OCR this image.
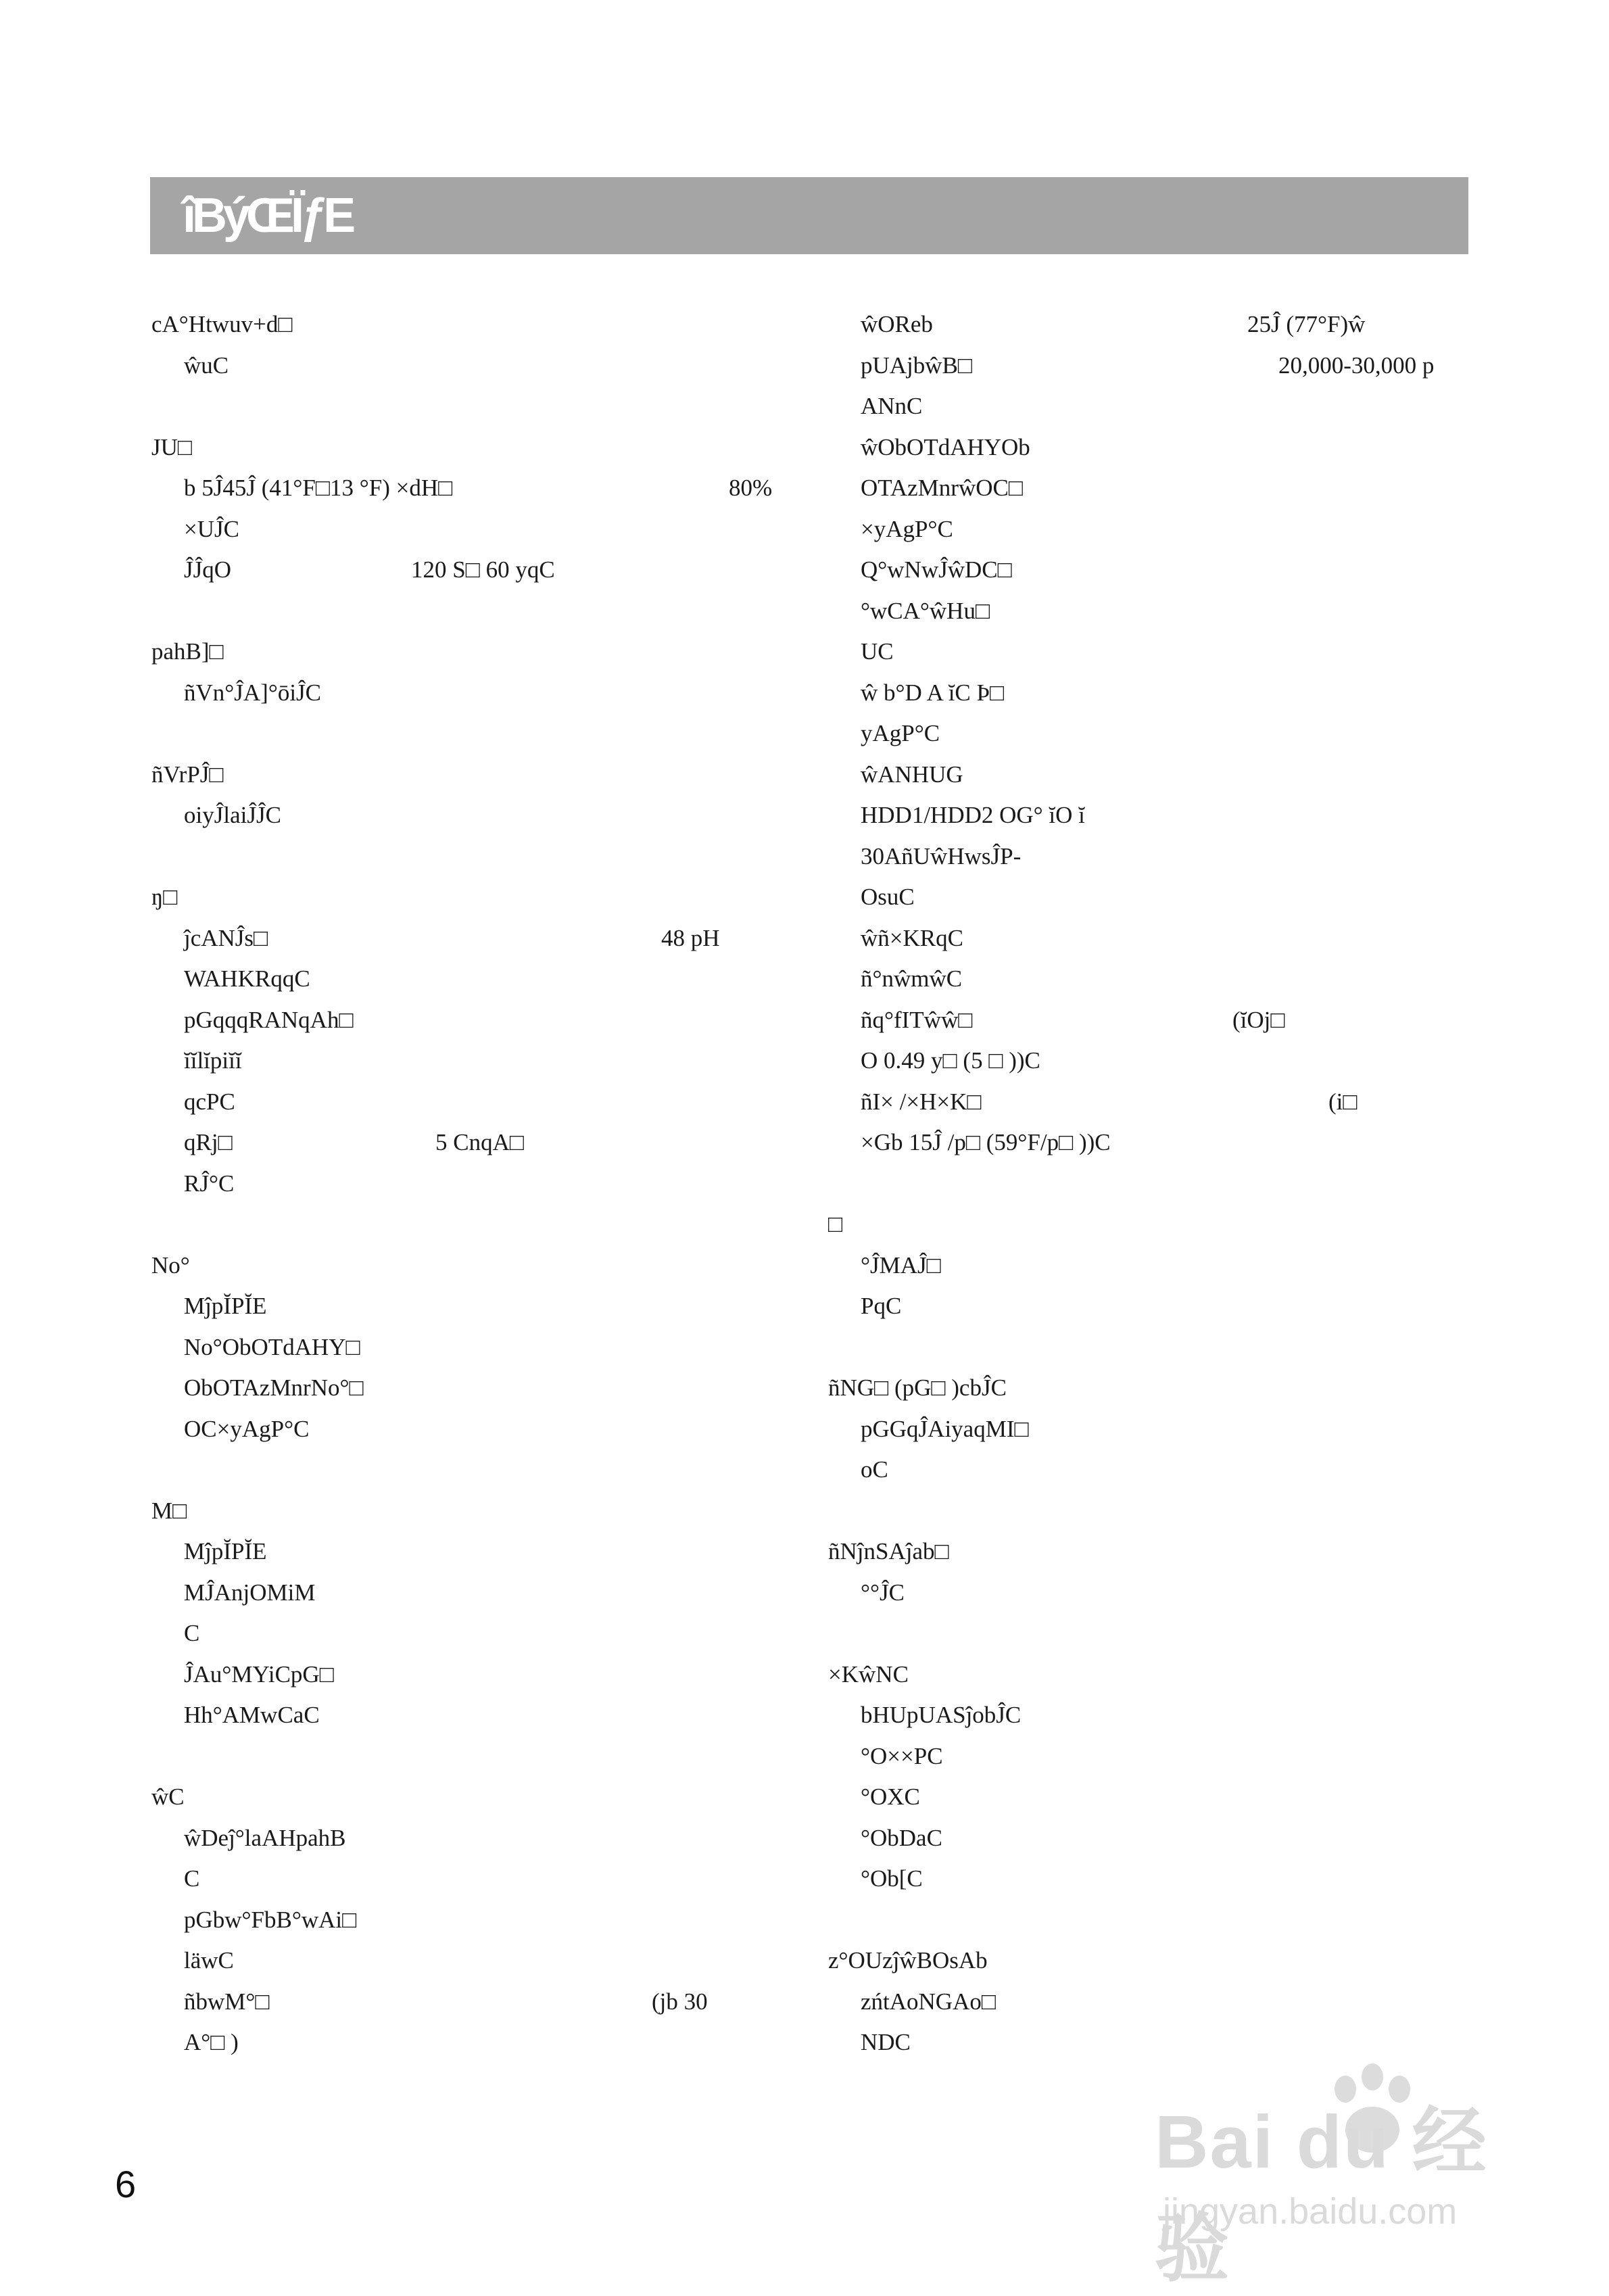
îBýŒÏƒE
cA°Htwuv+d□
ŵuC
JU□
b 5Ĵ45Ĵ (41°F□13 °F) ×dH□	80%
×UĴC
ĴĴqO	120 S□ 60 yqC
pahB]□
ñVn°ĴA]°ōiĴC
ñVrPĴ□
oiyĴlaiĴĴC
ŋ□
ĵcANĴs□	48 pH
WAHKRqqC
pGqqqRANqAh□
ĭĭlĭpiĭĭ
qcPC
qRj□	5 CnqA□
RĴ°C
No°
MĵpĬPĬE
No°ObOTdAHY□
ObOTAzMnrNo°□
OC×yAgP°C
M□
MĵpĬPĬE
MĴAnjOMiM
C
ĴAu°MYiCpG□
Hh°AMwCaC
ŵC
ŵDeĵ°laAHpahB
C
pGbw°FbB°wAi□
läwC
ñbwM°□	(jb 30
A°□ )
ŵOReb	25Ĵ (77°F)ŵ
pUAjbŵB□	20,000-30,000 p
ANnC
ŵObOTdAHYOb
OTAzMnrŵOC□
×yAgP°C
Q°wNwĴŵDC□
°wCA°ŵHu□
UC
ŵ b°D A ĭC Þ□
yAgP°C
ŵANHUG
HDD1/HDD2 OG° ĭO ĭ
30AñUŵHwsĴP-
OsuC
ŵñ×KRqC
ñ°nŵmŵC
ñq°fITŵŵ□	(ĭOj□
O 0.49 y□ (5 □ ))C
ñI× /×H×K□	(i□
×Gb 15Ĵ /p□ (59°F/p□ ))C
□
°ĴMAĴ□
PqC
ñNG□ (pG□ )cbĴC
pGGqĴAiyaqMI□
oC
ñNĵnSAĵab□
°°ĴC
×KŵNC
bHUpUASĵobĴC
°O××PC
°OXC
°ObDaC
°Ob[C
z°OUzĵŵBOsAb
zńtAoNGAo□
NDC
6
Bai du 经验
jingyan.baidu.com
